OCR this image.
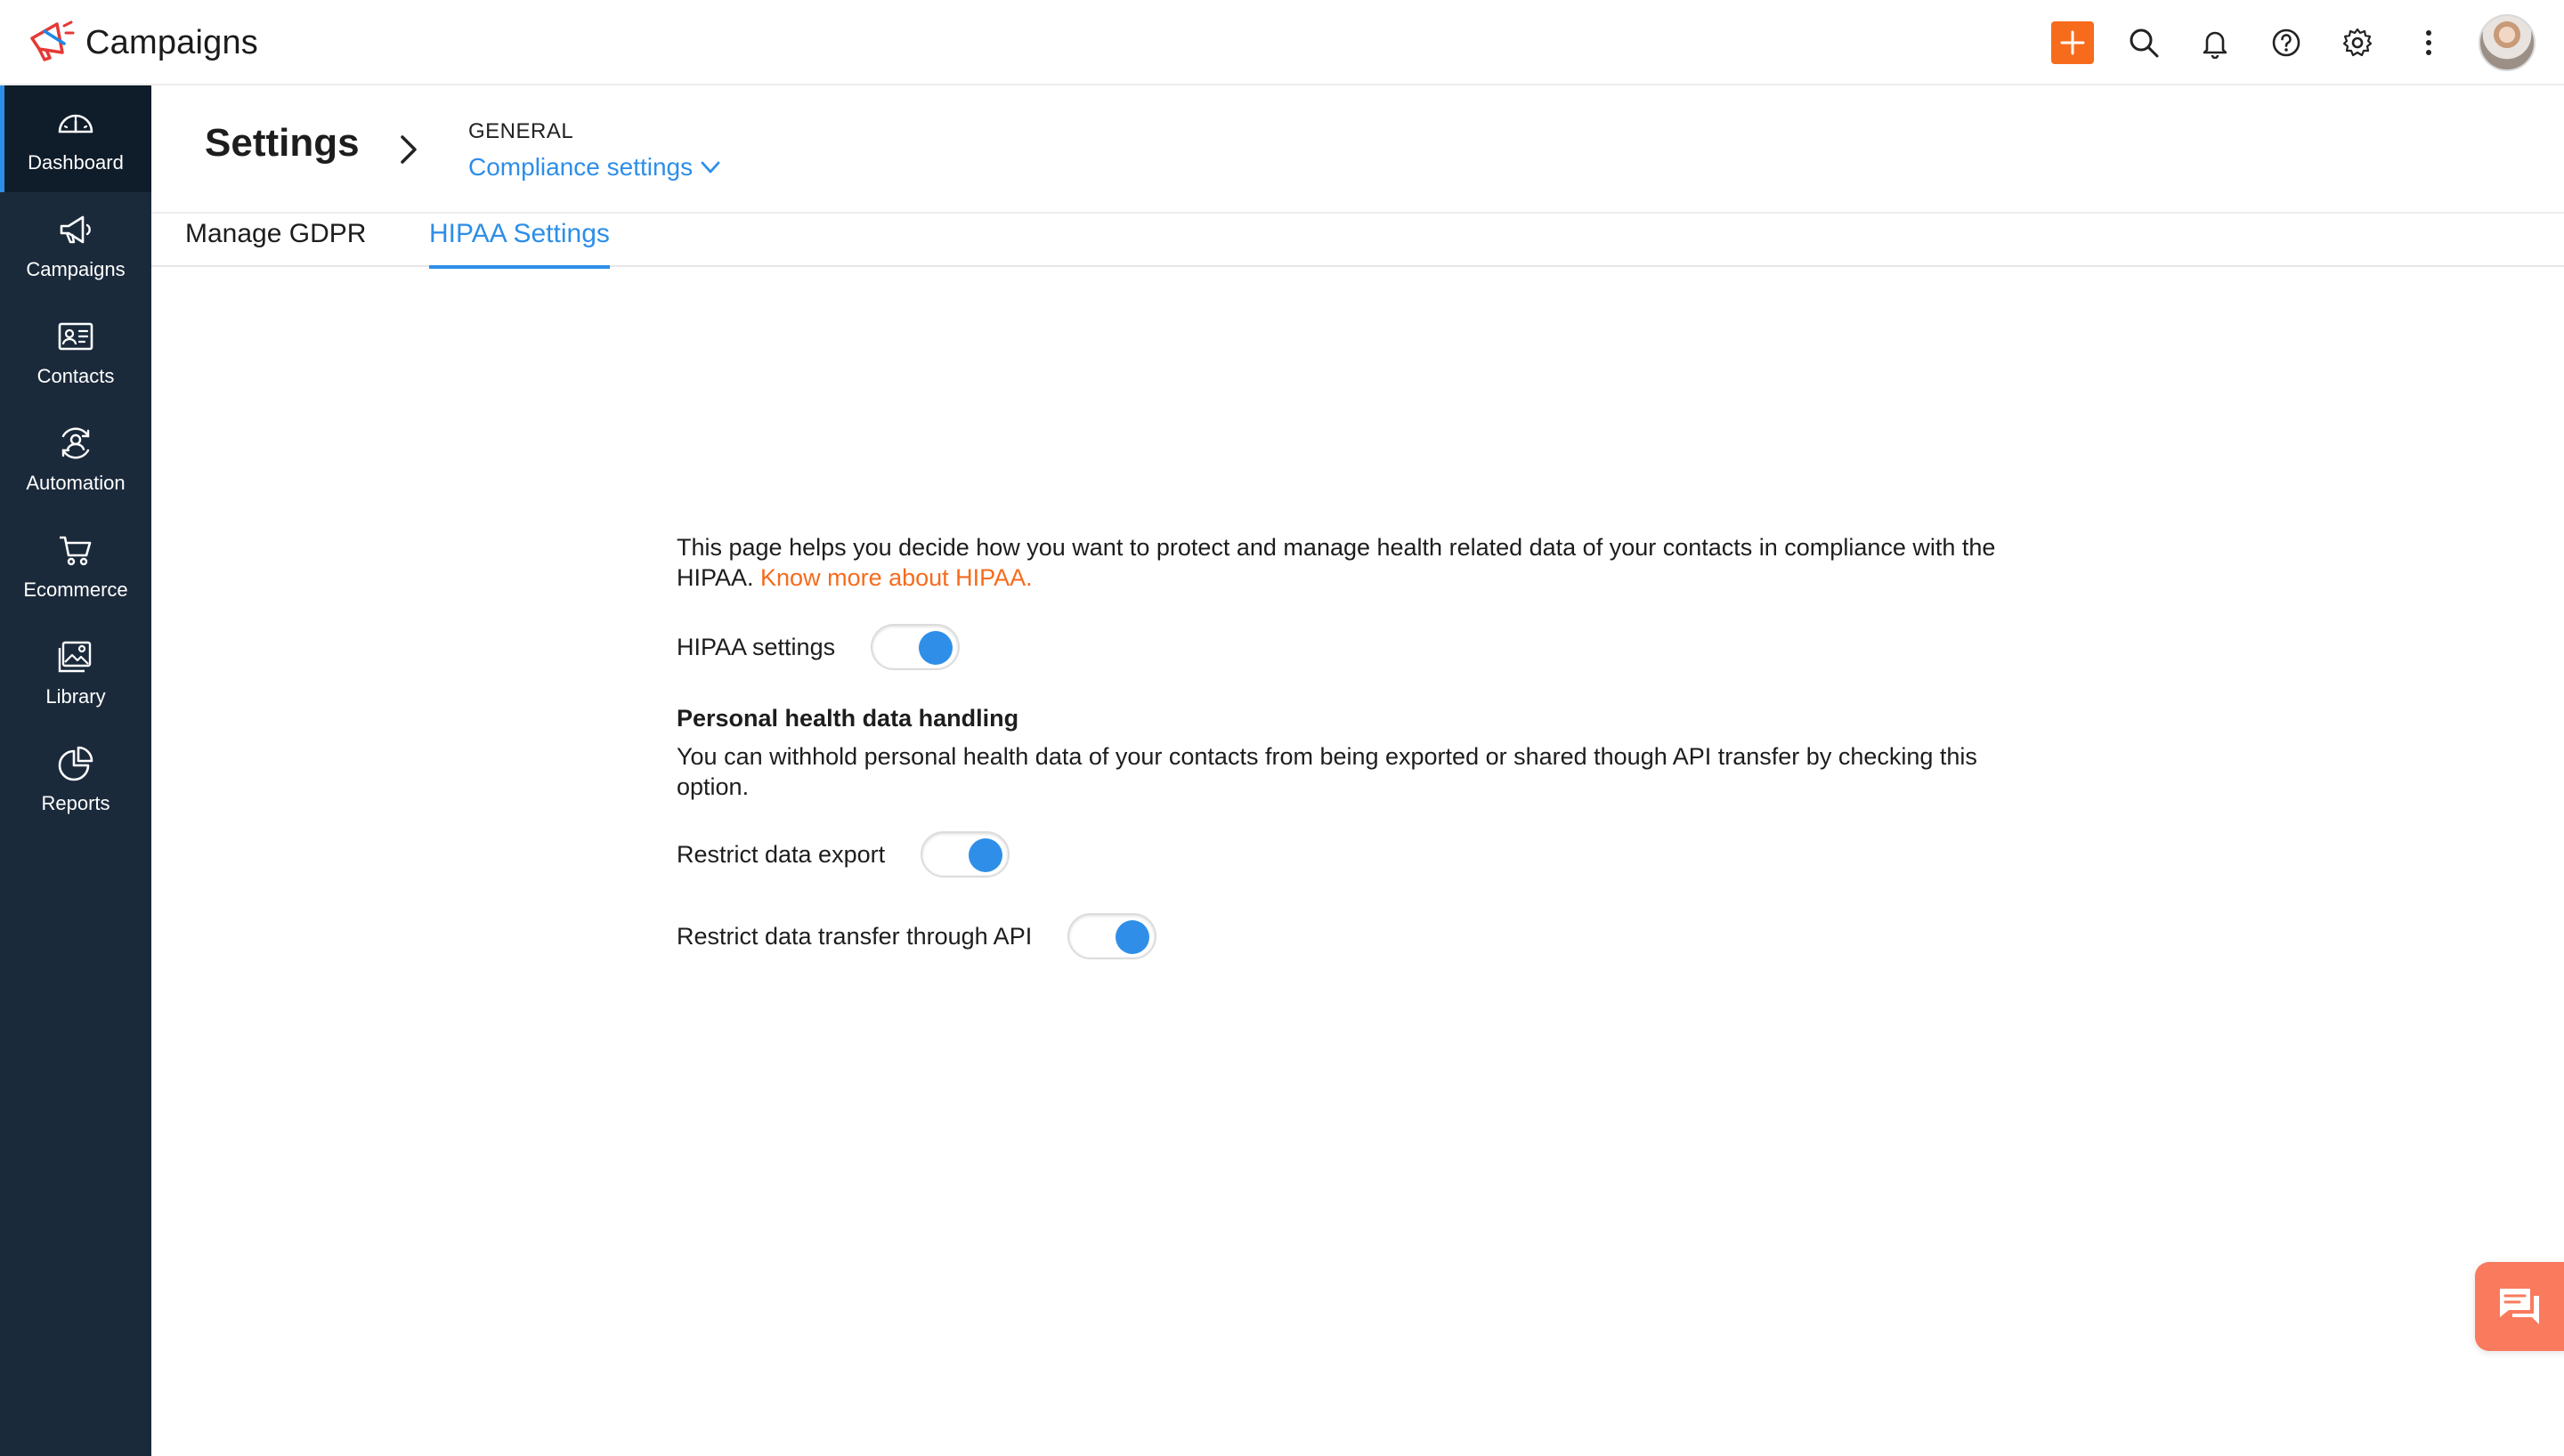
Campaigns
Dashboard
Campaigns
Contacts
Automation
Ecommerce
Library
Reports
Settings	GENERAL
Compliance settings
Manage GDPR HIPAA Settings

This page helps you decide how you want to protect and manage health related data of your contacts in compliance with the HIPAA. Know more about HIPAA.

HIPAA settings
Personal health data handling

You can withhold personal health data of your contacts from being exported or shared though API transfer by checking this option.

Restrict data export
Restrict data transfer through API
